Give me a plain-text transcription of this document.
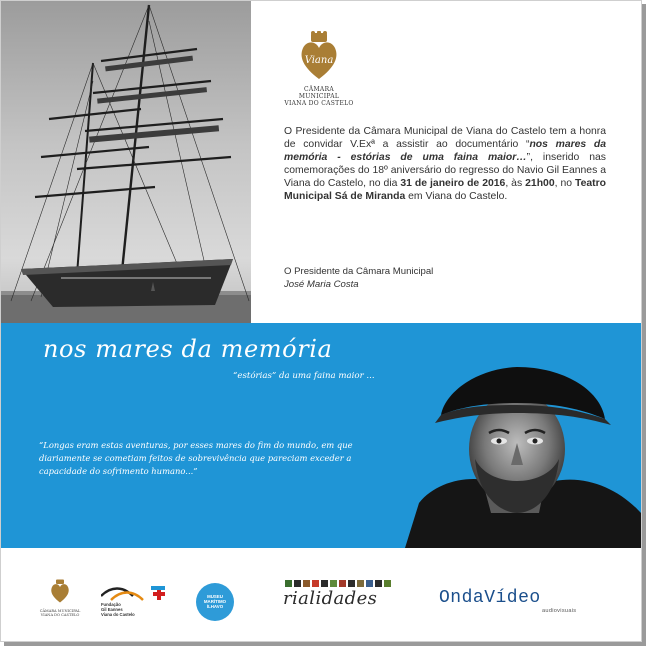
Viana
CÂMARA MUNICIPAL
VIANA DO CASTELO
O Presidente da Câmara Municipal de Viana do Castelo tem a honra de convidar V.Exª a assistir ao documentário “nos mares da memória - estórias de uma faina maior…”, inserido nas comemorações do 18º aniversário do regresso do Navio Gil Eannes a Viana do Castelo, no dia 31 de janeiro de 2016, às 21h00, no Teatro Municipal Sá de Miranda em Viana do Castelo.
O Presidente da Câmara Municipal
José Maria Costa
nos mares da memória
“estórias” da uma faina maior ...
“Longas eram estas aventuras, por esses mares do fim do mundo, em que diariamente se cometiam feitos de sobrevivência que pareciam exceder a capacidade do sofrimento humano...”
CÂMARA MUNICIPAL
VIANA DO CASTELO
Fundação
Gil Eannes
Viana do Castelo
MUSEU
MARÍTIMO
ÍLHAVO	rialidades	OndaVídeo
audiovisuais
